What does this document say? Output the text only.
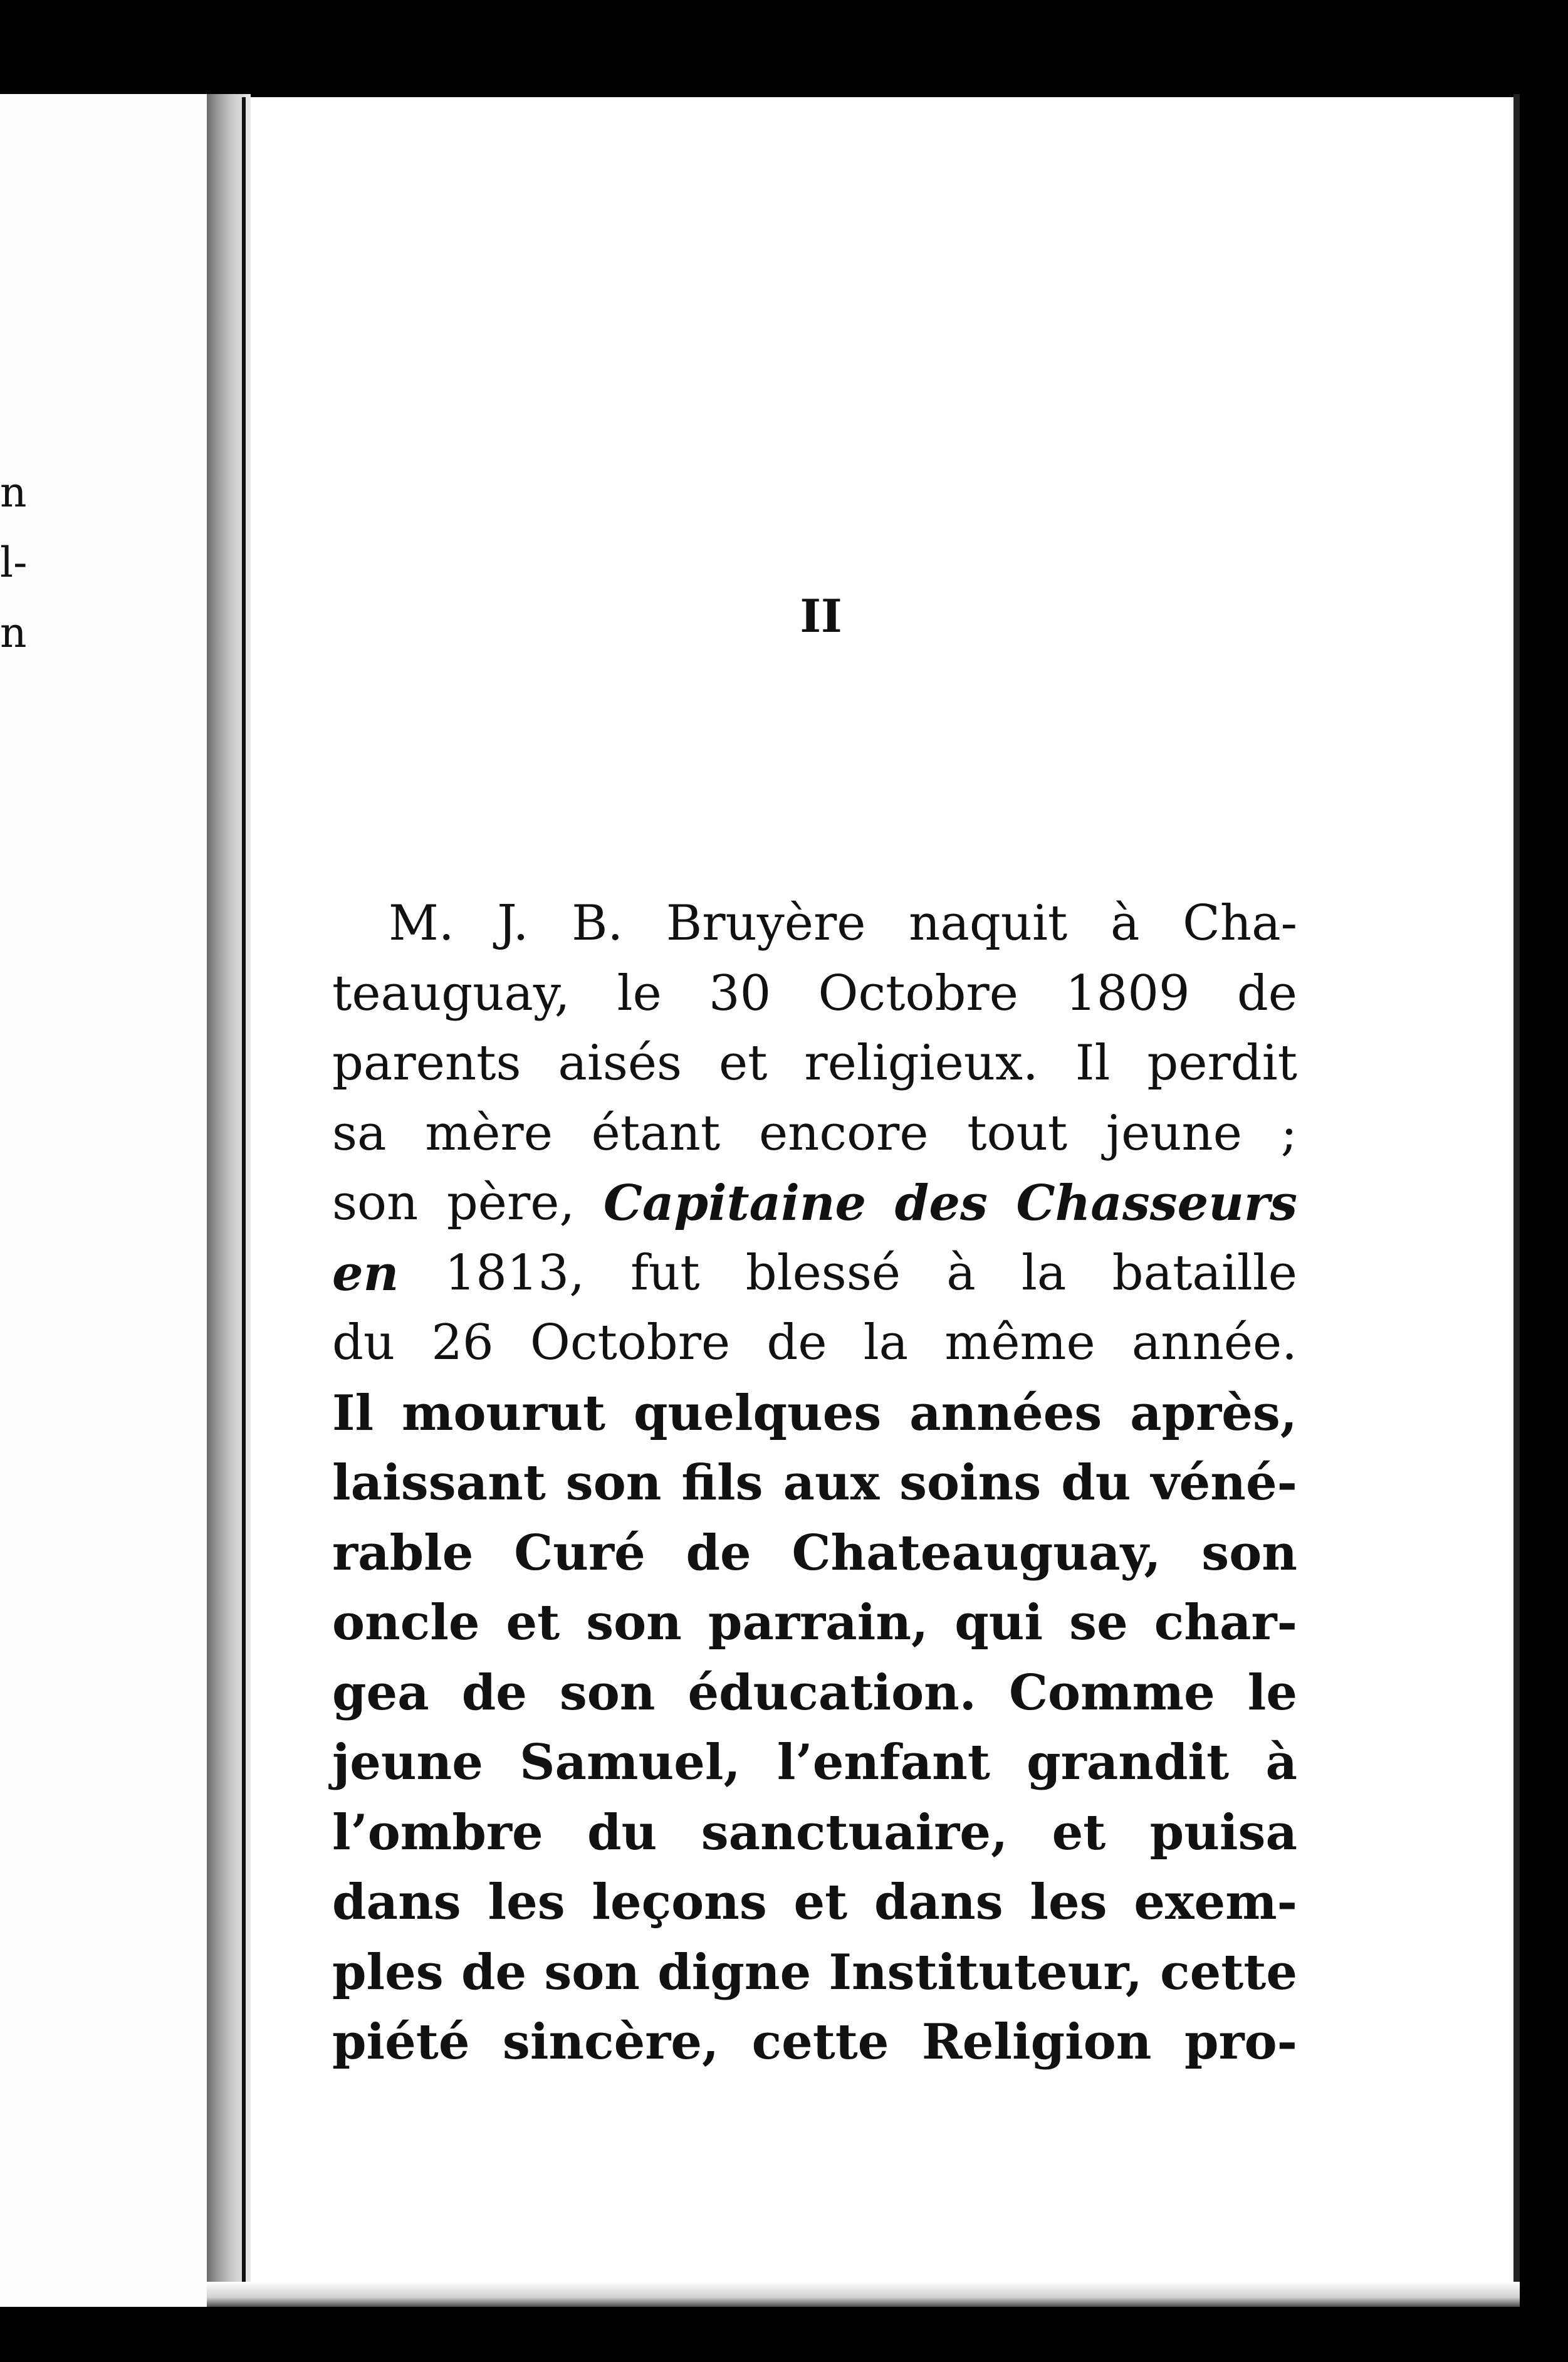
n
l-
n	II
M. J. B. Bruyère naquit à Cha-
teauguay, le 30 Octobre 1809 de
parents aisés et religieux. Il perdit
sa mère étant encore tout jeune ;
son père, Capitaine des Chasseurs
en 1813, fut blessé à la bataille
du 26 Octobre de la même année.
Il mourut quelques années après,
laissant son fils aux soins du véné-
rable Curé de Chateauguay, son
oncle et son parrain, qui se char-
gea de son éducation. Comme le
jeune Samuel, l’enfant grandit à
l’ombre du sanctuaire, et puisa
dans les leçons et dans les exem-
ples de son digne Instituteur, cette
piété sincère, cette Religion pro-
